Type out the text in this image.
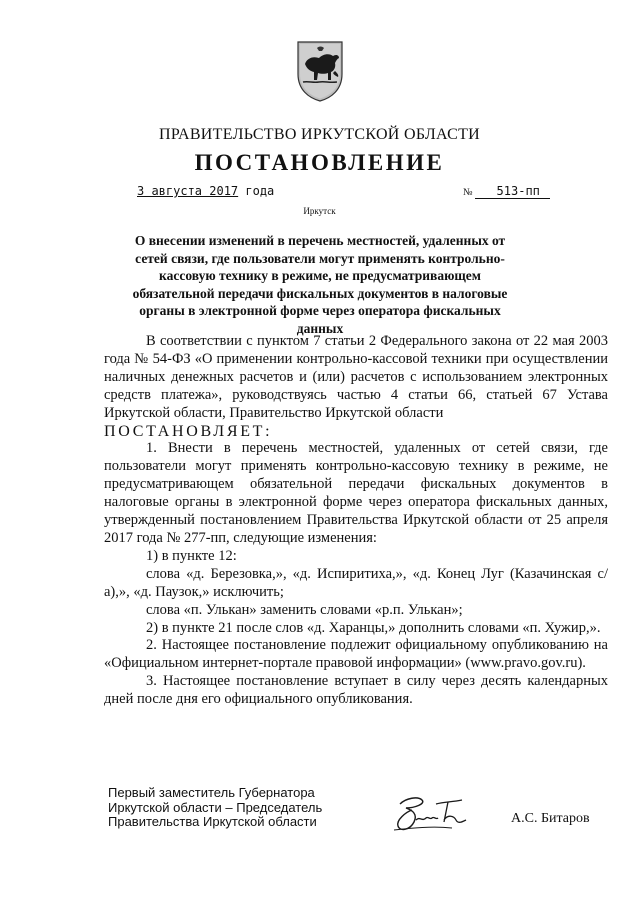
ПРАВИТЕЛЬСТВО ИРКУТСКОЙ ОБЛАСТИ
ПОСТАНОВЛЕНИЕ
3 августа 2017 года	№ 513-пп
Иркутск
О внесении изменений в перечень местностей, удаленных от сетей связи, где пользователи могут применять контрольно-кассовую технику в режиме, не предусматривающем обязательной передачи фискальных документов в налоговые органы в электронной форме через оператора фискальных данных

В соответствии с пунктом 7 статьи 2 Федерального закона от 22 мая 2003 года № 54-ФЗ «О применении контрольно-кассовой техники при осуществлении наличных денежных расчетов и (или) расчетов с использованием электронных средств платежа», руководствуясь частью 4 статьи 66, статьей 67 Устава Иркутской области, Правительство Иркутской области

ПОСТАНОВЛЯЕТ:

1. Внести в перечень местностей, удаленных от сетей связи, где пользователи могут применять контрольно-кассовую технику в режиме, не предусматривающем обязательной передачи фискальных документов в налоговые органы в электронной форме через оператора фискальных данных, утвержденный постановлением Правительства Иркутской области от 25 апреля 2017 года № 277-пп, следующие изменения:

1) в пункте 12:

слова «д. Березовка,», «д. Испиритиха,», «д. Конец Луг (Казачинская с/а),», «д. Паузок,» исключить;

слова «п. Улькан» заменить словами «р.п. Улькан»;

2) в пункте 21 после слов «д. Харанцы,» дополнить словами «п. Хужир,».

2. Настоящее постановление подлежит официальному опубликованию на «Официальном интернет-портале правовой информации» (www.pravo.gov.ru).

3. Настоящее постановление вступает в силу через десять календарных дней после дня его официального опубликования.

Первый заместитель Губернатора
Иркутской области – Председатель
Правительства Иркутской области	А.С. Битаров
